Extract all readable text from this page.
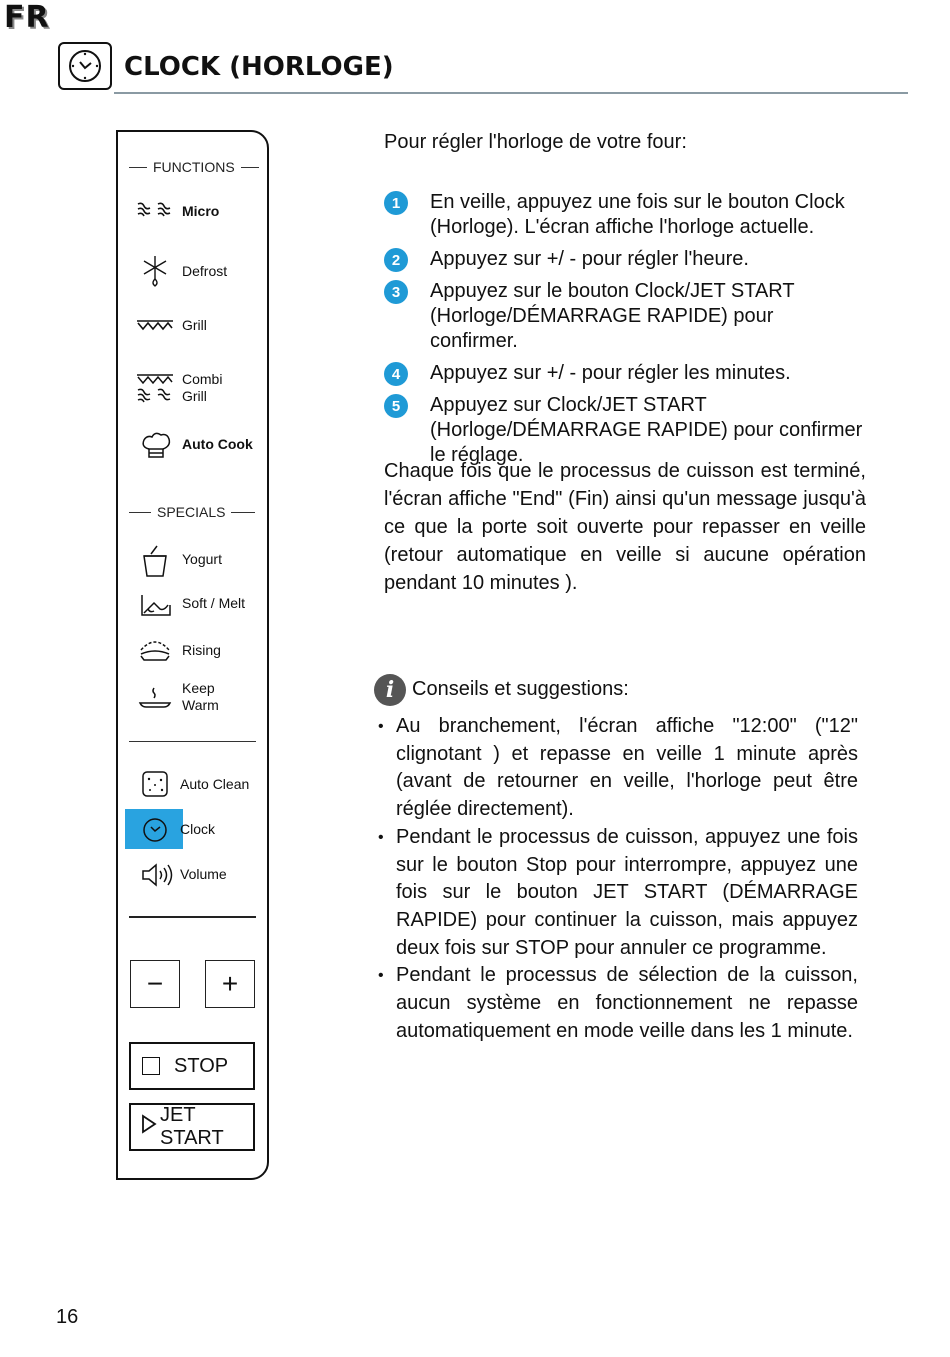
FR
CLOCK (HORLOGE)
FUNCTIONS
Micro
Defrost
Grill
Combi
Grill
Auto Cook
SPECIALS
Yogurt
Soft / Melt
Rising
Keep
Warm
Auto Clean
Clock
Volume
− +
STOP
JET START
Pour régler l'horloge de votre four:
1	En veille, appuyez une fois sur le bouton Clock (Horloge). L'écran affiche l'horloge actuelle.
2	Appuyez sur +/ - pour régler l'heure.
3	Appuyez sur le bouton Clock/JET START (Horloge/DÉMARRAGE RAPIDE) pour confirmer.
4	Appuyez sur +/ - pour régler les minutes.
5	Appuyez sur Clock/JET START (Horloge/DÉMARRAGE RAPIDE) pour confirmer le réglage.
Chaque fois que le processus de cuisson est terminé, l'écran affiche "End" (Fin) ainsi qu'un message jusqu'à ce que la porte soit ouverte pour repasser en veille (retour automatique en veille si aucune opération pendant 10 minutes ).
i Conseils et suggestions:
• Au branchement, l'écran affiche "12:00" ("12" clignotant ) et repasse en veille 1 minute après (avant de retourner en veille, l'horloge peut être réglée directement).
• Pendant le processus de cuisson, appuyez une fois sur le bouton Stop pour interrompre, appuyez une fois sur le bouton JET START (DÉMARRAGE RAPIDE) pour continuer la cuisson, mais appuyez deux fois sur STOP pour annuler ce programme.
• Pendant le processus de sélection de la cuisson, aucun système en fonctionnement ne repasse automatiquement en mode veille dans les 1 minute.
16
